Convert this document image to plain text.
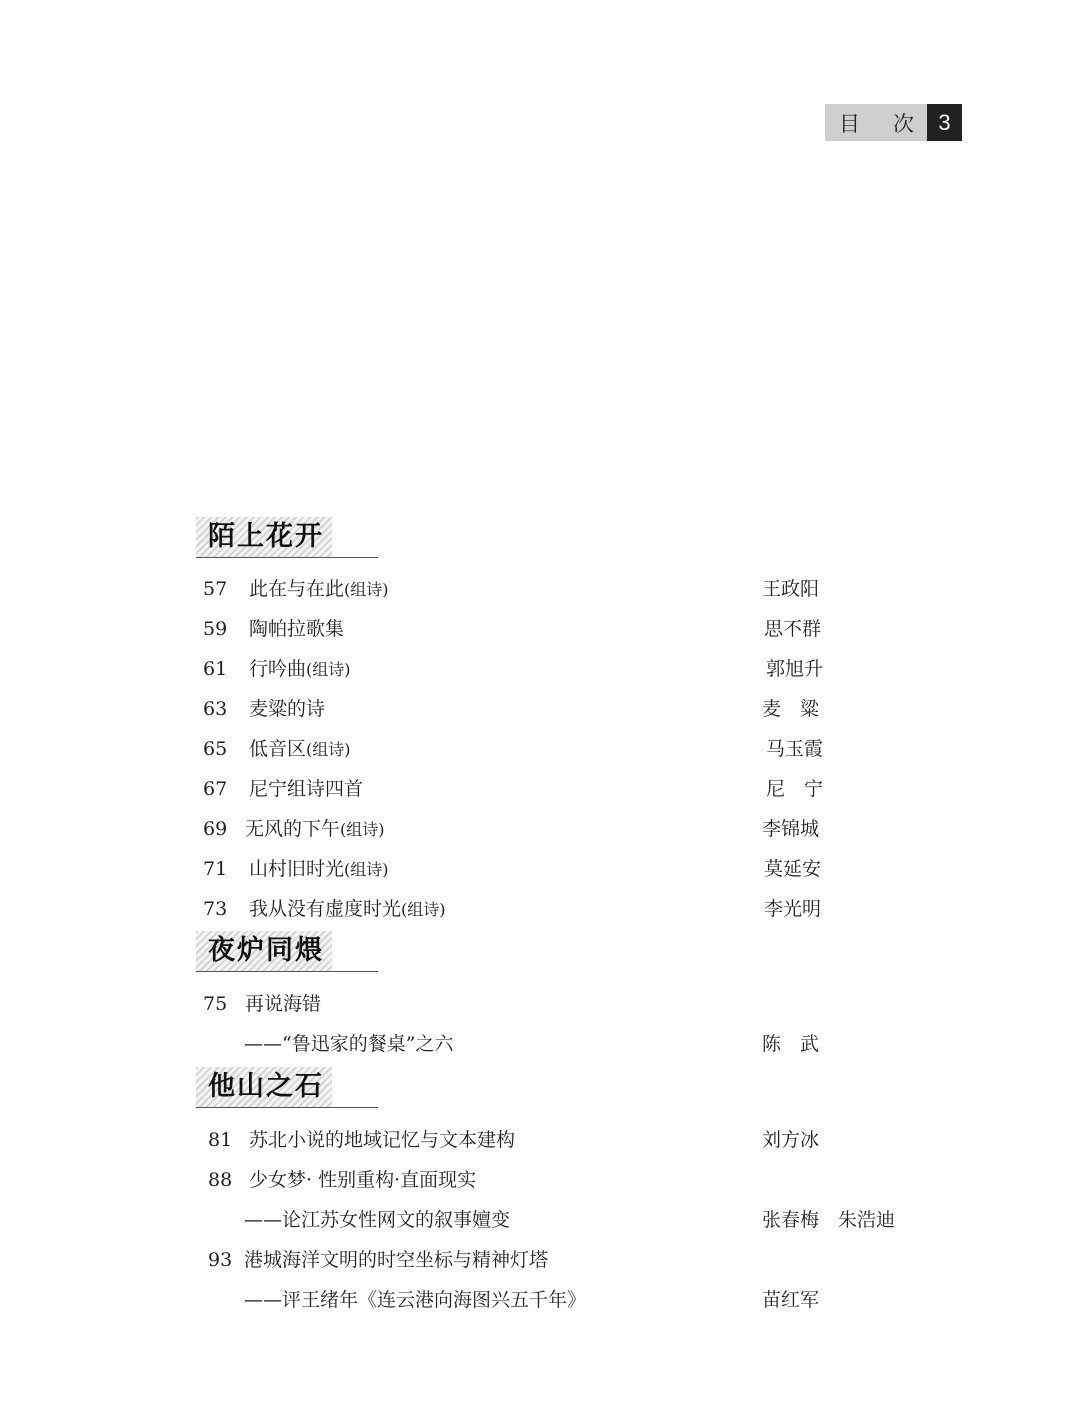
目 次	3
陌上花开
57 此在与在此(组诗)	王政阳
59 陶帕拉歌集	思不群
61 行吟曲(组诗)	郭旭升
63 麦粱的诗	麦　粱
65 低音区(组诗)	马玉霞
67 尼宁组诗四首	尼　宁
69 无风的下午(组诗)	李锦城
71 山村旧时光(组诗)	莫延安
73 我从没有虚度时光(组诗)	李光明
夜炉同煨
75 再说海错
——“鲁迅家的餐桌”之六	陈　武
他山之石
81 苏北小说的地域记忆与文本建构	刘方冰
88 少女梦· 性别重构·直面现实
——论江苏女性网文的叙事嬗变	张春梅　朱浩迪
93 港城海洋文明的时空坐标与精神灯塔
——评王绪年《连云港向海图兴五千年》	苗红军
